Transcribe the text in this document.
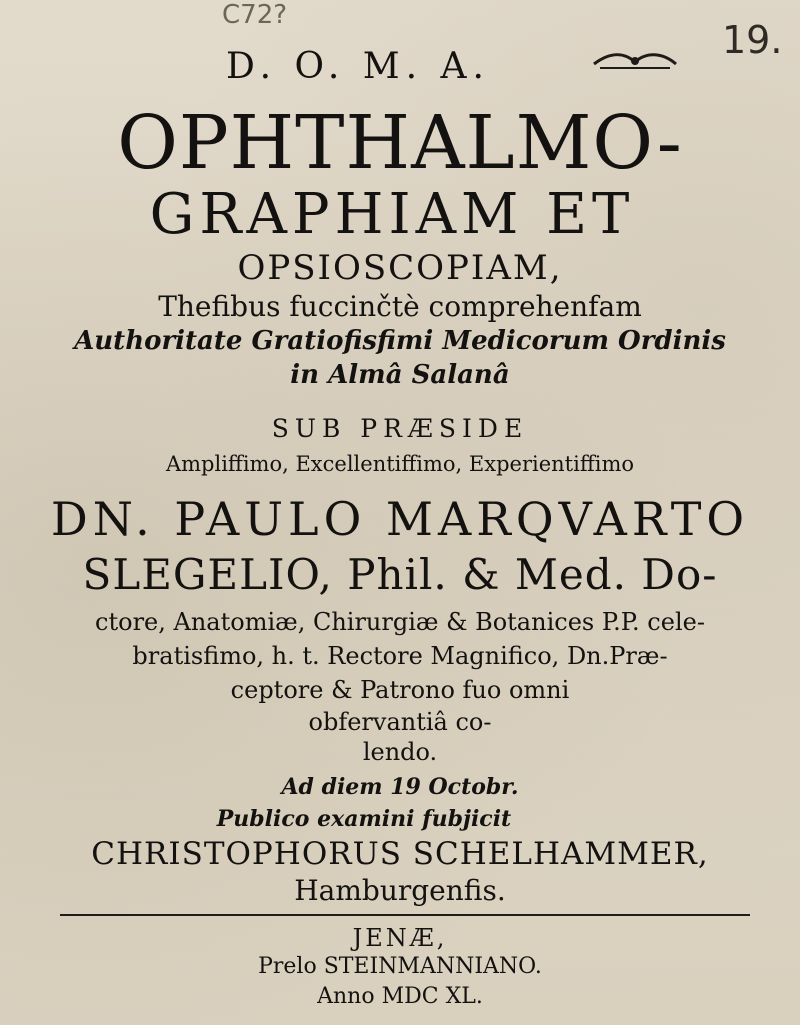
C72?
19.
D. O. M. A.
OPHTHALMO-
GRAPHIAM ET
OPSIOSCOPIAM,
Thefibus fuccinčtè comprehenfam
Authoritate Gratiofisfimi Medicorum Ordinis
in Almâ Salanâ
SUB PRÆSIDE
Ampliffimo, Excellentiffimo, Experientiffimo
DN. PAULO MARQVARTO
SLEGELIO, Phil. & Med. Do-
ctore, Anatomiæ, Chirurgiæ & Botanices P.P. cele-
bratisfimo, h. t. Rectore Magnifico, Dn.Præ-
ceptore & Patrono fuo omni
obfervantiâ co-
lendo.
Ad diem 19 Octobr.
Publico examini fubjicit
CHRISTOPHORUS SCHELHAMMER,
Hamburgenfis.
JENÆ,
Prelo STEINMANNIANO.
Anno MDC XL.
